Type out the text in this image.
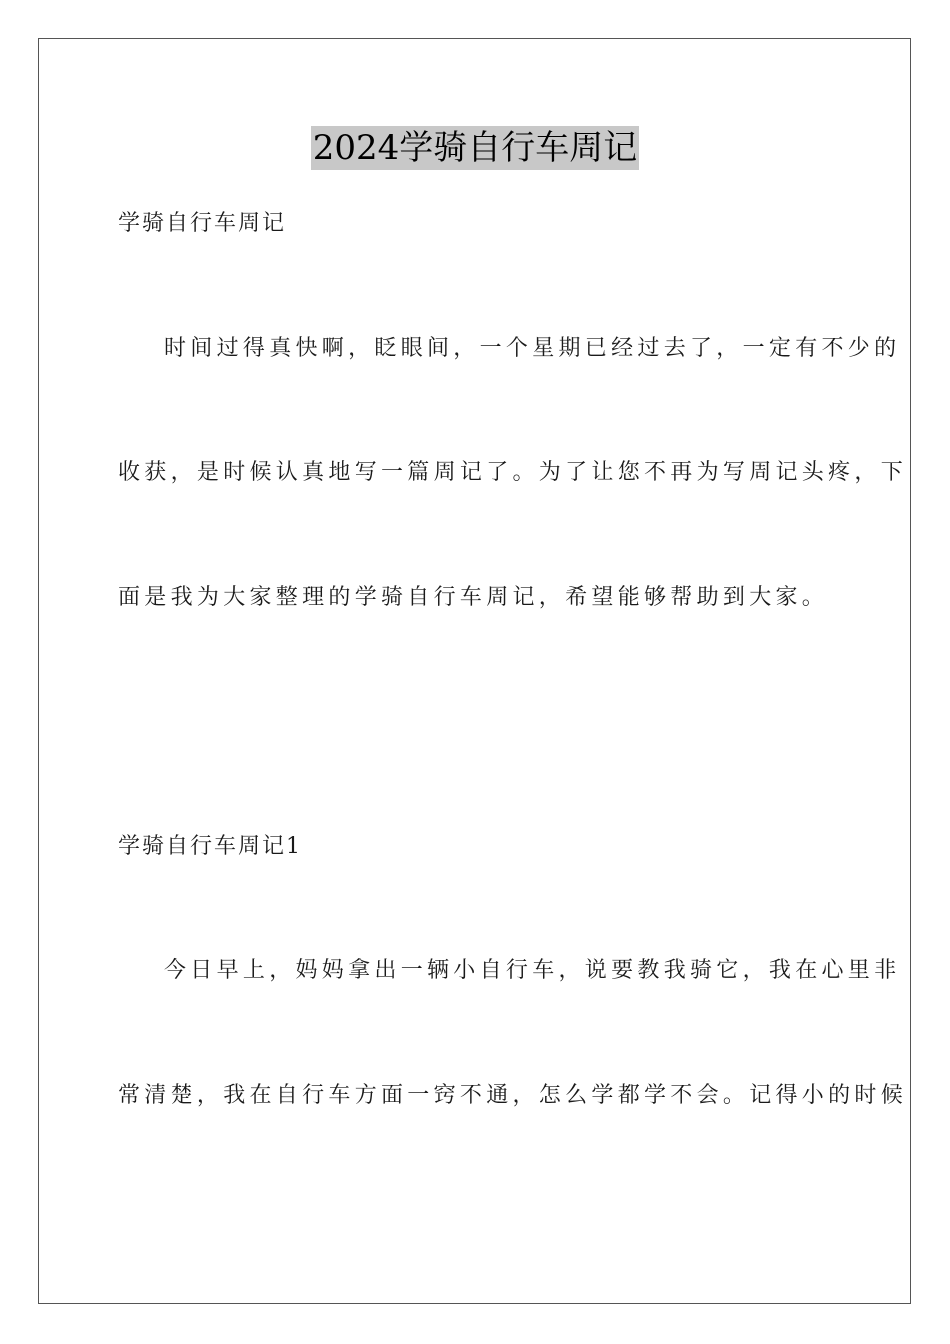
2024学骑自行车周记
学骑自行车周记
时间过得真快啊，眨眼间，一个星期已经过去了，一定有不少的
收获，是时候认真地写一篇周记了。为了让您不再为写周记头疼，下
面是我为大家整理的学骑自行车周记，希望能够帮助到大家。
学骑自行车周记1
今日早上，妈妈拿出一辆小自行车，说要教我骑它，我在心里非
常清楚，我在自行车方面一窍不通，怎么学都学不会。记得小的时候
